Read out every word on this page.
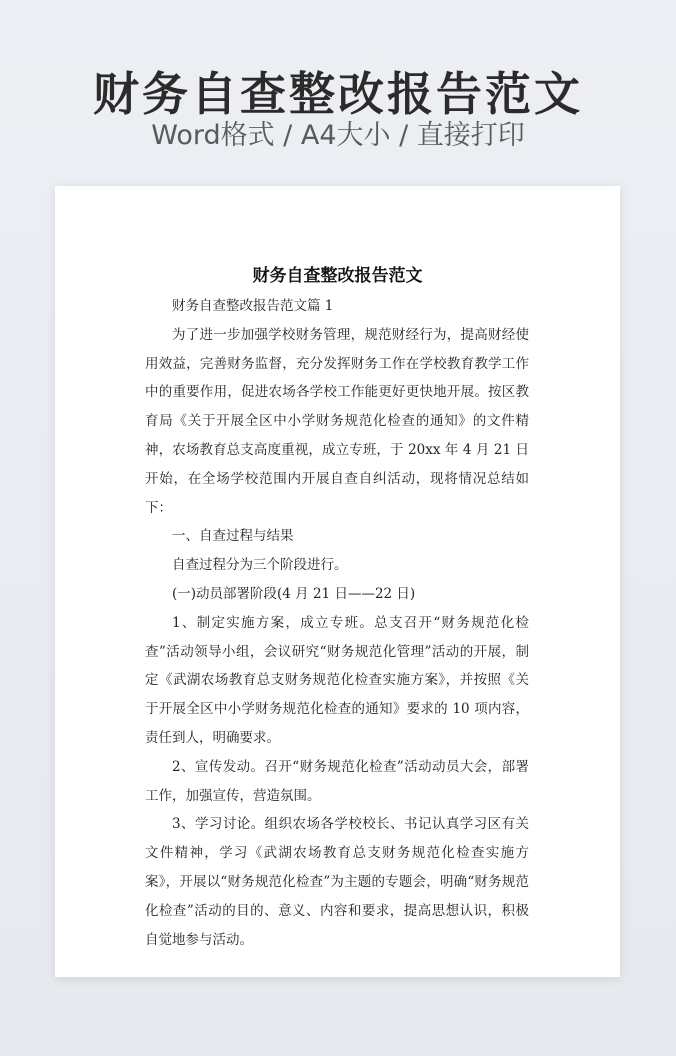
财务自查整改报告范文
Word格式 / A4大小 / 直接打印
财务自查整改报告范文

财务自查整改报告范文篇 1

为了进一步加强学校财务管理，规范财经行为，提高财经使用效益，完善财务监督，充分发挥财务工作在学校教育教学工作中的重要作用，促进农场各学校工作能更好更快地开展。按区教育局《关于开展全区中小学财务规范化检查的通知》的文件精神，农场教育总支高度重视，成立专班，于 20xx 年 4 月 21 日开始，在全场学校范围内开展自查自纠活动，现将情况总结如下：

一、自查过程与结果

自查过程分为三个阶段进行。

(一)动员部署阶段(4 月 21 日——22 日)

1、制定实施方案，成立专班。总支召开“财务规范化检查”活动领导小组，会议研究“财务规范化管理”活动的开展，制定《武湖农场教育总支财务规范化检查实施方案》，并按照《关于开展全区中小学财务规范化检查的通知》要求的 10 项内容，责任到人，明确要求。

2、宣传发动。召开“财务规范化检查”活动动员大会，部署工作，加强宣传，营造氛围。

3、学习讨论。组织农场各学校校长、书记认真学习区有关文件精神，学习《武湖农场教育总支财务规范化检查实施方案》，开展以“财务规范化检查”为主题的专题会，明确“财务规范化检查”活动的目的、意义、内容和要求，提高思想认识，积极自觉地参与活动。
